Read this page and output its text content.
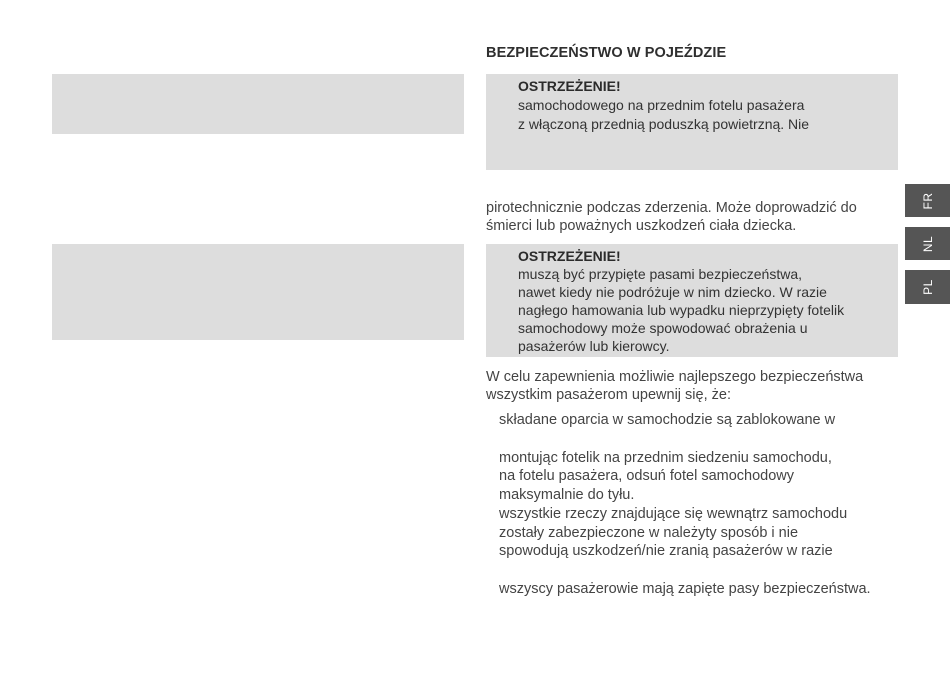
BEZPIECZEŃSTWO W POJEŹDZIE
OSTRZEŻENIE!
samochodowego na przednim fotelu pasażera
z włączoną przednią poduszką powietrzną. Nie
pirotechnicznie podczas zderzenia. Może doprowadzić do
śmierci lub poważnych uszkodzeń ciała dziecka.
OSTRZEŻENIE!
muszą być przypięte pasami bezpieczeństwa,
nawet kiedy nie podróżuje w nim dziecko. W razie
nagłego hamowania lub wypadku nieprzypięty fotelik
samochodowy może spowodować obrażenia u
pasażerów lub kierowcy.
W celu zapewnienia możliwie najlepszego bezpieczeństwa
wszystkim pasażerom upewnij się, że:
składane oparcia w samochodzie są zablokowane w
montując fotelik na przednim siedzeniu samochodu,
na fotelu pasażera, odsuń fotel samochodowy
maksymalnie do tyłu.
wszystkie rzeczy znajdujące się wewnątrz samochodu
zostały zabezpieczone w należyty sposób i nie
spowodują uszkodzeń/nie zranią pasażerów w razie
wszyscy pasażerowie mają zapięte pasy bezpieczeństwa.
FR
NL
PL
